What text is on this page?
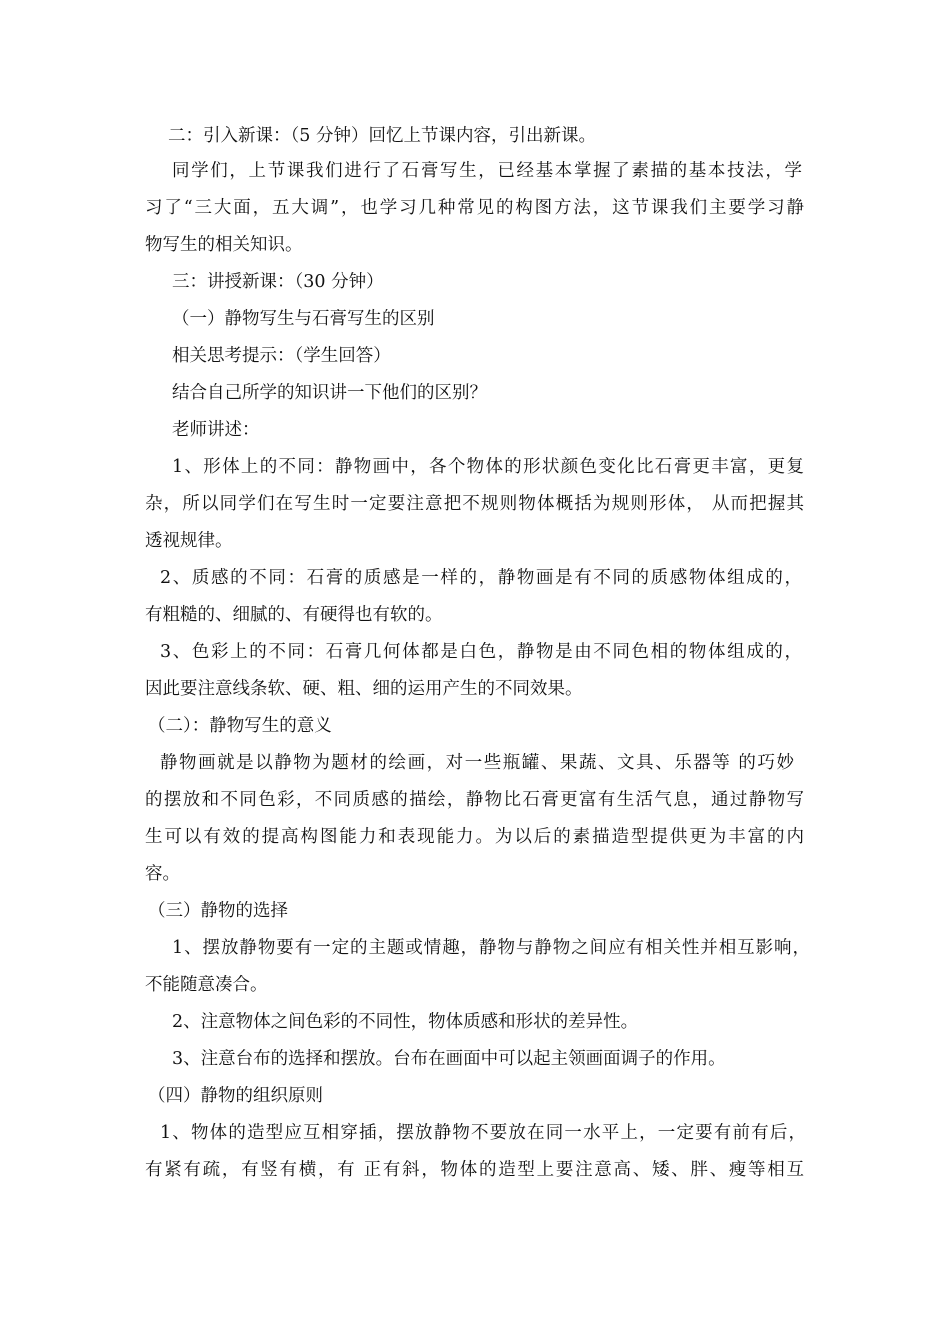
二：引入新课：（5 分钟）回忆上节课内容，引出新课。

同学们，上节课我们进行了石膏写生，已经基本掌握了素描的基本技法，学

习了“三大面，五大调”，也学习几种常见的构图方法，这节课我们主要学习静

物写生的相关知识。

三：讲授新课：（30 分钟）

（一）静物写生与石膏写生的区别

相关思考提示：（学生回答）

结合自己所学的知识讲一下他们的区别？

老师讲述：

1、形体上的不同：静物画中，各个物体的形状颜色变化比石膏更丰富，更复

杂，所以同学们在写生时一定要注意把不规则物体概括为规则形体， 从而把握其

透视规律。

2、质感的不同：石膏的质感是一样的，静物画是有不同的质感物体组成的，

有粗糙的、细腻的、有硬得也有软的。

3、色彩上的不同：石膏几何体都是白色，静物是由不同色相的物体组成的，

因此要注意线条软、硬、粗、细的运用产生的不同效果。

（二）：静物写生的意义

静物画就是以静物为题材的绘画，对一些瓶罐、果蔬、文具、乐器等 的巧妙

的摆放和不同色彩，不同质感的描绘，静物比石膏更富有生活气息，通过静物写

生可以有效的提高构图能力和表现能力。为以后的素描造型提供更为丰富的内

容。

（三）静物的选择

1、摆放静物要有一定的主题或情趣，静物与静物之间应有相关性并相互影响，

不能随意凑合。

2、注意物体之间色彩的不同性，物体质感和形状的差异性。

3、注意台布的选择和摆放。台布在画面中可以起主领画面调子的作用。

（四）静物的组织原则

1、物体的造型应互相穿插，摆放静物不要放在同一水平上，一定要有前有后，

有紧有疏，有竖有横，有 正有斜，物体的造型上要注意高、矮、胖、瘦等相互
